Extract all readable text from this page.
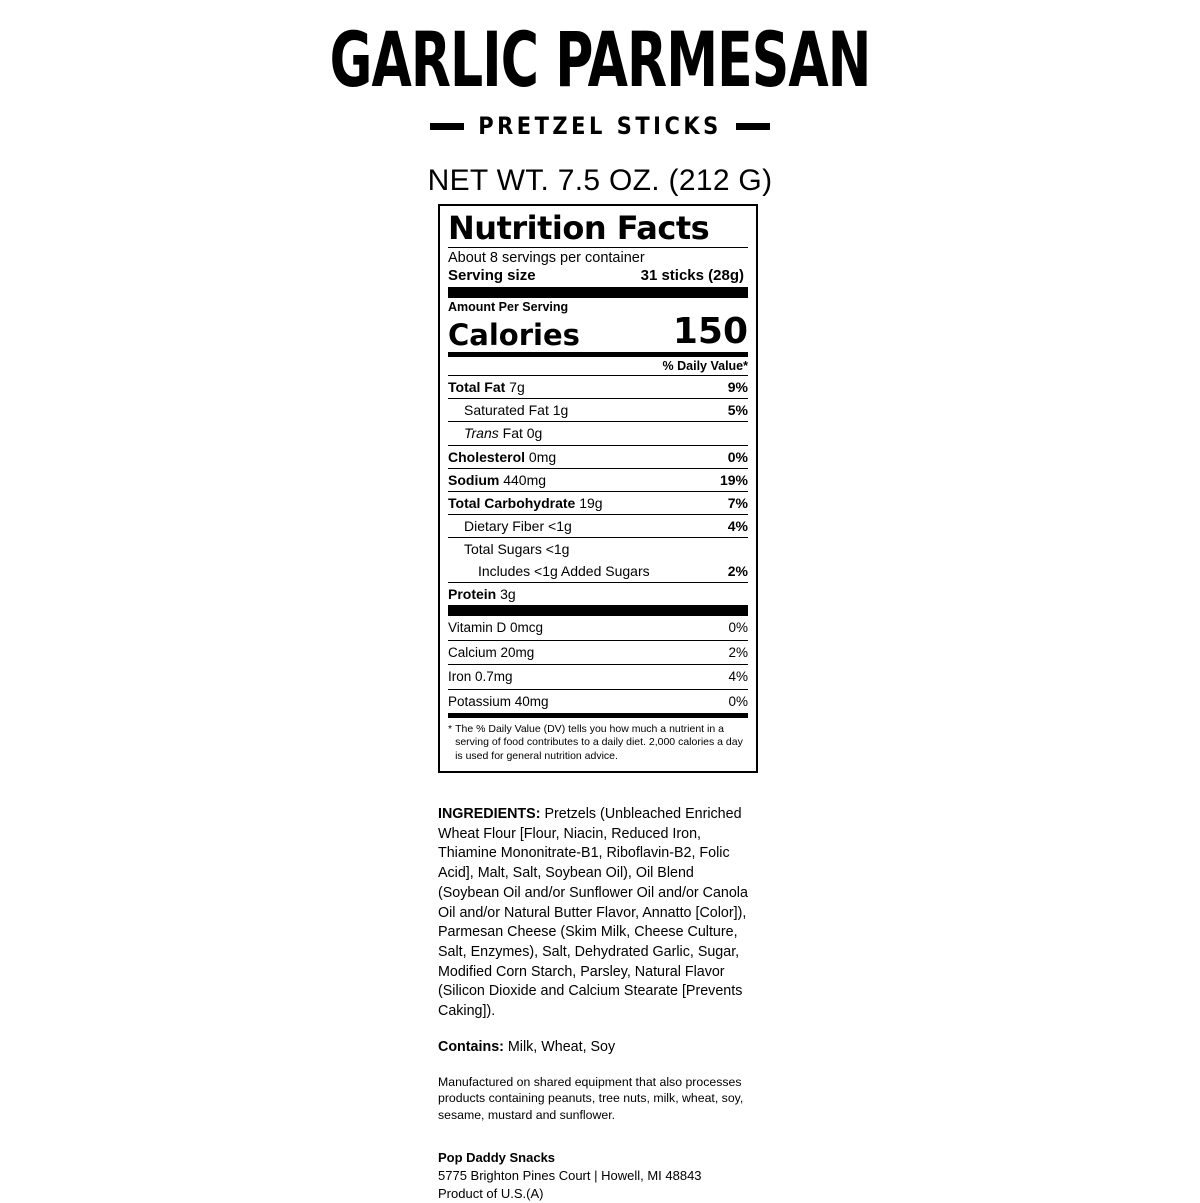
GARLIC PARMESAN
PRETZEL STICKS
NET WT. 7.5 OZ. (212 G)
Nutrition Facts
About 8 servings per container
Serving size	31 sticks (28g)
Amount Per Serving
Calories	150
% Daily Value*
Total Fat 7g	9%
Saturated Fat 1g	5%
Trans Fat 0g
Cholesterol 0mg	0%
Sodium 440mg	19%
Total Carbohydrate 19g	7%
Dietary Fiber <1g	4%
Total Sugars <1g
Includes <1g Added Sugars	2%
Protein 3g
Vitamin D 0mcg	0%
Calcium 20mg	2%
Iron 0.7mg	4%
Potassium 40mg	0%
* The % Daily Value (DV) tells you how much a nutrient in a serving of food contributes to a daily diet. 2,000 calories a day is used for general nutrition advice.

INGREDIENTS: Pretzels (Unbleached Enriched Wheat Flour [Flour, Niacin, Reduced Iron, Thiamine Mononitrate-B1, Riboflavin-B2, Folic Acid], Malt, Salt, Soybean Oil), Oil Blend (Soybean Oil and/or Sunflower Oil and/or Canola Oil and/or Natural Butter Flavor, Annatto [Color]), Parmesan Cheese (Skim Milk, Cheese Culture, Salt, Enzymes), Salt, Dehydrated Garlic, Sugar, Modified Corn Starch, Parsley, Natural Flavor (Silicon Dioxide and Calcium Stearate [Prevents Caking]).

Contains: Milk, Wheat, Soy

Manufactured on shared equipment that also processes products containing peanuts, tree nuts, milk, wheat, soy, sesame, mustard and sunflower.

Pop Daddy Snacks

5775 Brighton Pines Court | Howell, MI 48843

Product of U.S.(A)
